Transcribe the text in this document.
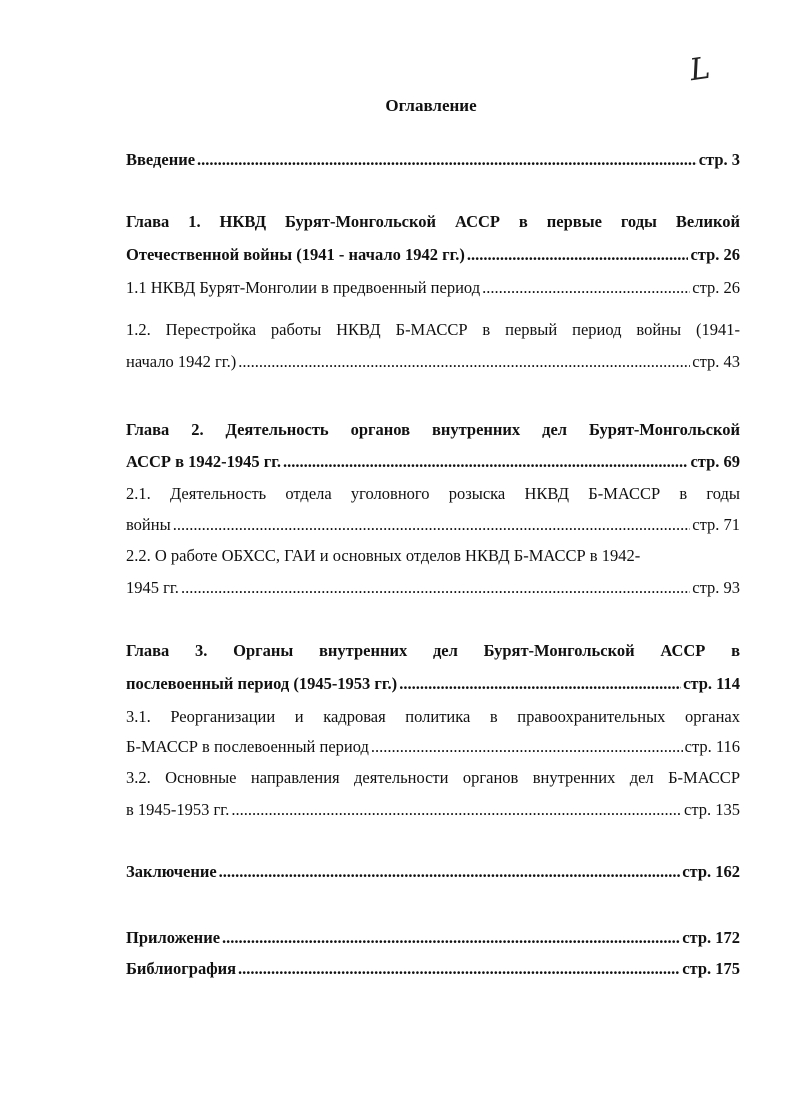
L
Оглавление
Введение .....	стр. 3
Глава 1. НКВД Бурят-Монгольской АССР в первые годы Великой
Отечественной войны (1941 - начало 1942 гг.) .....	стр. 26
1.1 НКВД Бурят-Монголии в предвоенный период .....	стр. 26
1.2. Перестройка работы НКВД Б-МАССР в первый период войны (1941-
начало 1942 гг.) .....	стр. 43
Глава 2. Деятельность органов внутренних дел Бурят-Монгольской
АССР в 1942-1945 гг. .....	стр. 69
2.1. Деятельность отдела уголовного розыска НКВД Б-МАССР в годы
войны .....	стр. 71
2.2. О работе ОБХСС, ГАИ и основных отделов НКВД Б-МАССР в 1942-
1945 гг. .....	стр. 93
Глава 3. Органы внутренних дел Бурят-Монгольской АССР в
послевоенный период (1945-1953 гг.) .....	стр. 114
3.1. Реорганизации и кадровая политика в правоохранительных органах
Б-МАССР в послевоенный период .....	стр. 116
3.2. Основные направления деятельности органов внутренних дел Б-МАССР
в 1945-1953 гг. .....	стр. 135
Заключение .....	стр. 162
Приложение .....	стр. 172
Библиография .....	стр. 175
